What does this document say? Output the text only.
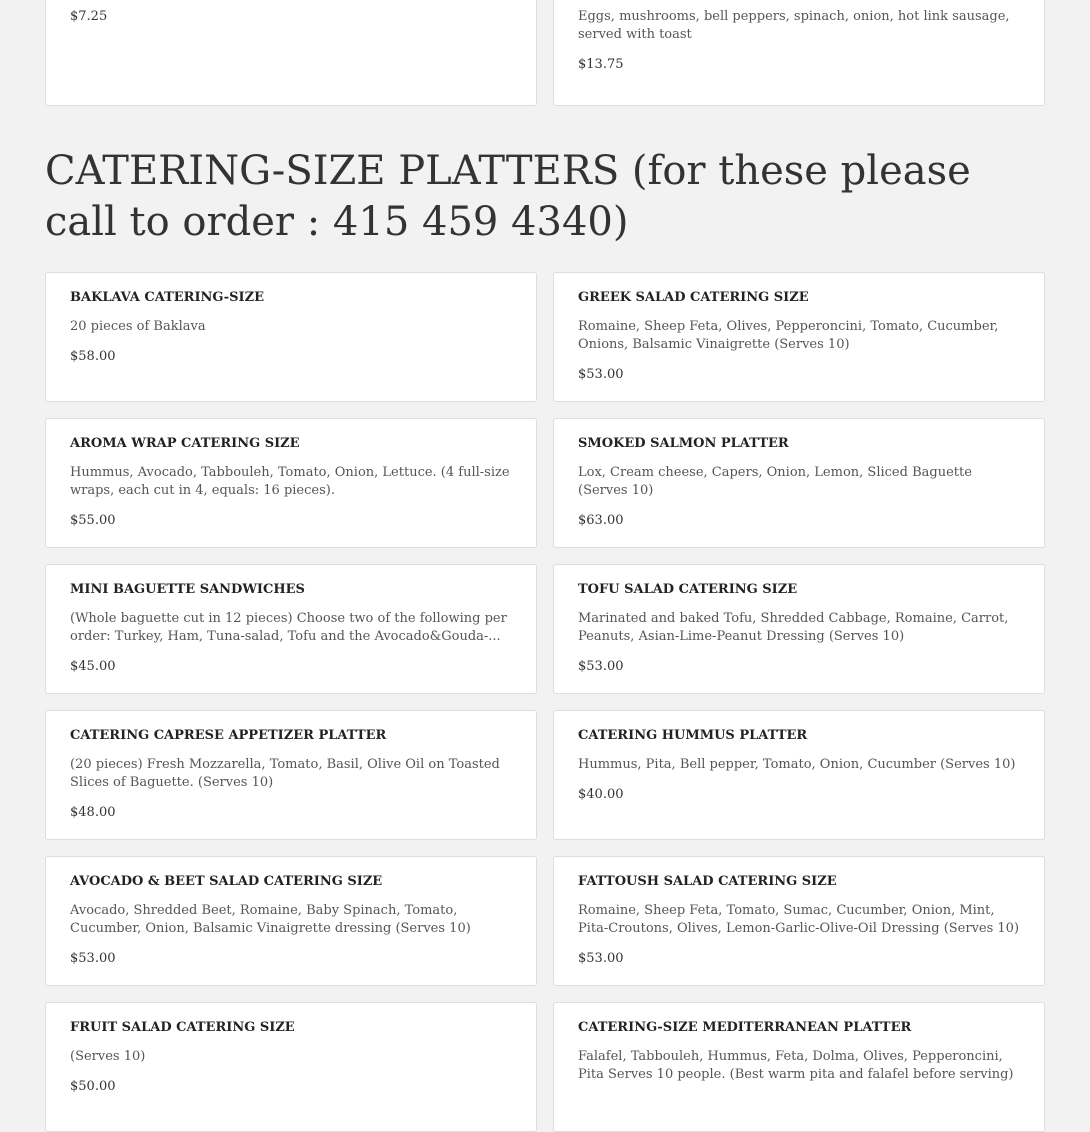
$7.25	Eggs, mushrooms, bell peppers, spinach, onion, hot link sausage, served with toast

$13.75

CATERING-SIZE PLATTERS (for these please call to order : 415 459 4340)

BAKLAVA CATERING-SIZE

20 pieces of Baklava

$58.00

GREEK SALAD CATERING SIZE

Romaine, Sheep Feta, Olives, Pepperoncini, Tomato, Cucumber, Onions, Balsamic Vinaigrette (Serves 10)

$53.00

AROMA WRAP CATERING SIZE

Hummus, Avocado, Tabbouleh, Tomato, Onion, Lettuce. (4 full-size wraps, each cut in 4, equals: 16 pieces).

$55.00

SMOKED SALMON PLATTER

Lox, Cream cheese, Capers, Onion, Lemon, Sliced Baguette (Serves 10)

$63.00

MINI BAGUETTE SANDWICHES

(Whole baguette cut in 12 pieces) Choose two of the following per order: Turkey, Ham, Tuna-salad, Tofu and the Avocado&Gouda-...

$45.00

TOFU SALAD CATERING SIZE

Marinated and baked Tofu, Shredded Cabbage, Romaine, Carrot, Peanuts, Asian-Lime-Peanut Dressing (Serves 10)

$53.00

CATERING CAPRESE APPETIZER PLATTER

(20 pieces) Fresh Mozzarella, Tomato, Basil, Olive Oil on Toasted Slices of Baguette. (Serves 10)

$48.00

CATERING HUMMUS PLATTER

Hummus, Pita, Bell pepper, Tomato, Onion, Cucumber (Serves 10)

$40.00

AVOCADO & BEET SALAD CATERING SIZE

Avocado, Shredded Beet, Romaine, Baby Spinach, Tomato, Cucumber, Onion, Balsamic Vinaigrette dressing (Serves 10)

$53.00

FATTOUSH SALAD CATERING SIZE

Romaine, Sheep Feta, Tomato, Sumac, Cucumber, Onion, Mint, Pita-Croutons, Olives, Lemon-Garlic-Olive-Oil Dressing (Serves 10)

$53.00

FRUIT SALAD CATERING SIZE

(Serves 10)

$50.00

CATERING-SIZE MEDITERRANEAN PLATTER

Falafel, Tabbouleh, Hummus, Feta, Dolma, Olives, Pepperoncini, Pita Serves 10 people. (Best warm pita and falafel before serving)
